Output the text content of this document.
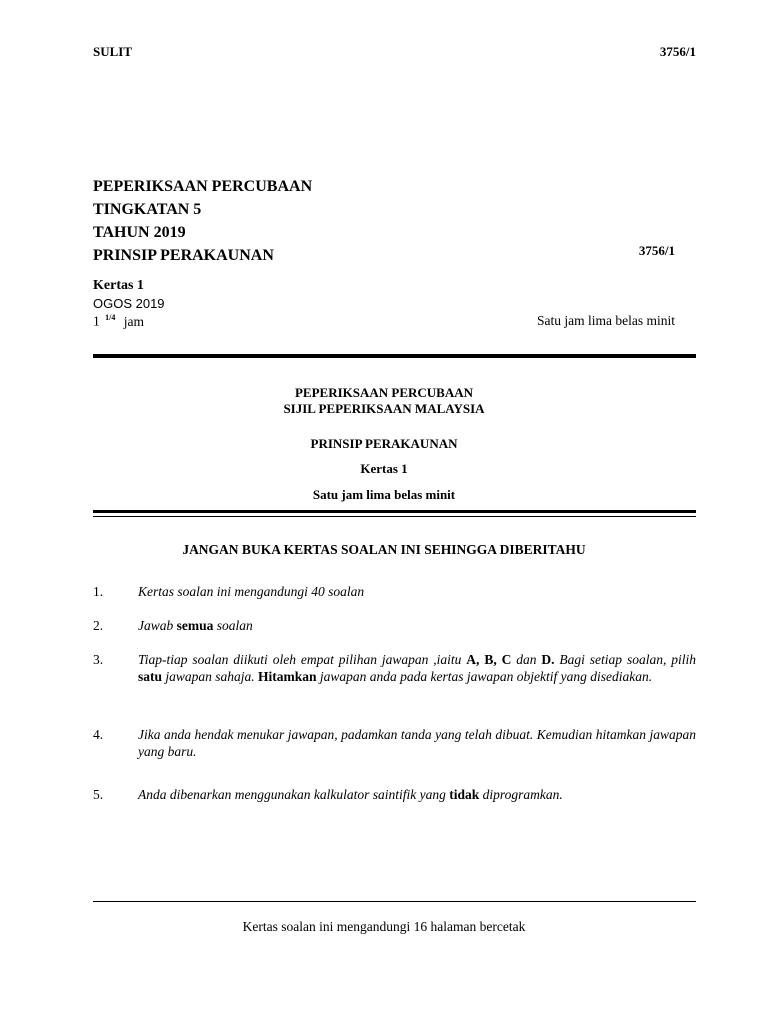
SULIT	3756/1
PEPERIKSAAN PERCUBAAN
TINGKATAN 5
TAHUN 2019
PRINSIP PERAKAUNAN	3756/1
Kertas 1
OGOS 2019
1 $^{1/4}$ jam	Satu jam lima belas minit
PEPERIKSAAN PERCUBAAN
SIJIL PEPERIKSAAN MALAYSIA
PRINSIP PERAKAUNAN
Kertas 1
Satu jam lima belas minit
JANGAN BUKA KERTAS SOALAN INI SEHINGGA DIBERITAHU
1.	Kertas soalan ini mengandungi 40 soalan
2.	Jawab semua soalan
3.	Tiap-tiap soalan diikuti oleh empat pilihan jawapan ,iaitu A, B, C dan D. Bagi setiap soalan, pilih satu jawapan sahaja. Hitamkan jawapan anda pada kertas jawapan objektif yang disediakan.
4.	Jika anda hendak menukar jawapan, padamkan tanda yang telah dibuat. Kemudian hitamkan jawapan yang baru.
5.	Anda dibenarkan menggunakan kalkulator saintifik yang tidak diprogramkan.
Kertas soalan ini mengandungi 16 halaman bercetak
